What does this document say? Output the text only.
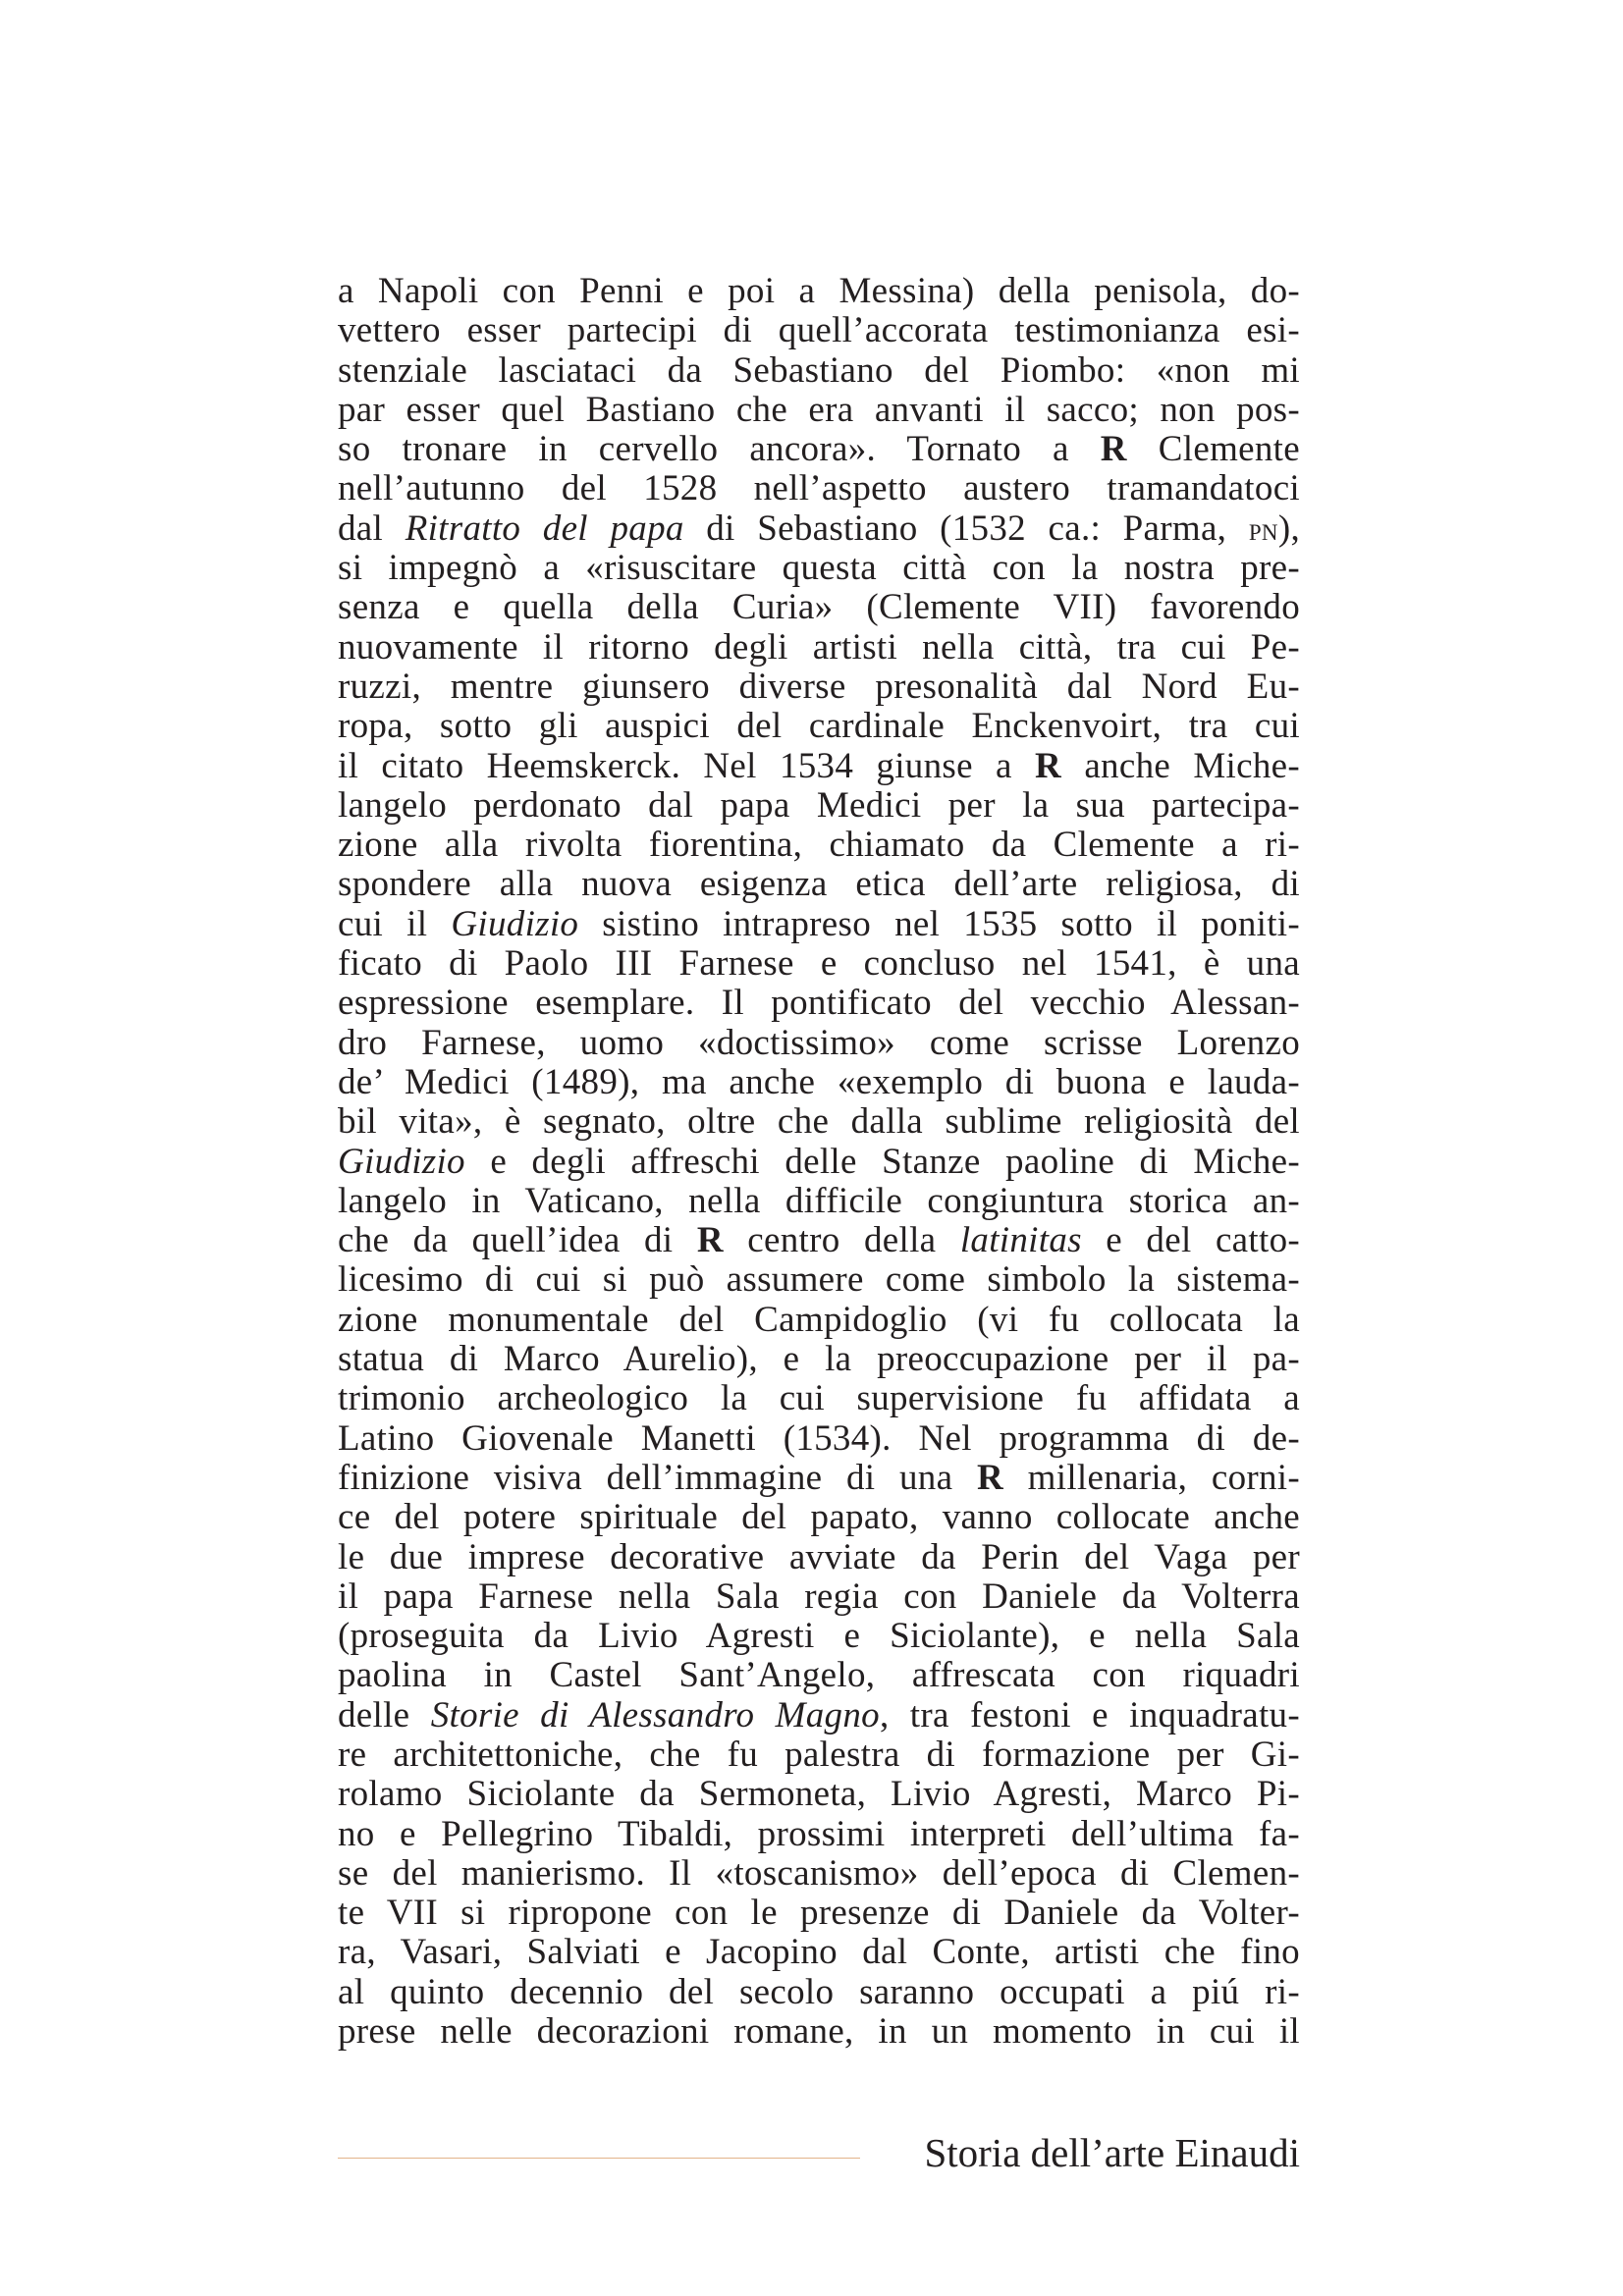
a Napoli con Penni e poi a Messina) della penisola, do-
vettero esser partecipi di quell’accorata testimonianza esi-
stenziale lasciataci da Sebastiano del Piombo: «non mi
par esser quel Bastiano che era anvanti il sacco; non pos-
so tronare in cervello ancora». Tornato a R Clemente
nell’autunno del 1528 nell’aspetto austero tramandatoci
dal Ritratto del papa di Sebastiano (1532 ca.: Parma, pn),
si impegnò a «risuscitare questa città con la nostra pre-
senza e quella della Curia» (Clemente VII) favorendo
nuovamente il ritorno degli artisti nella città, tra cui Pe-
ruzzi, mentre giunsero diverse presonalità dal Nord Eu-
ropa, sotto gli auspici del cardinale Enckenvoirt, tra cui
il citato Heemskerck. Nel 1534 giunse a R anche Miche-
langelo perdonato dal papa Medici per la sua partecipa-
zione alla rivolta fiorentina, chiamato da Clemente a ri-
spondere alla nuova esigenza etica dell’arte religiosa, di
cui il Giudizio sistino intrapreso nel 1535 sotto il poniti-
ficato di Paolo III Farnese e concluso nel 1541, è una
espressione esemplare. Il pontificato del vecchio Alessan-
dro Farnese, uomo «doctissimo» come scrisse Lorenzo
de’ Medici (1489), ma anche «exemplo di buona e lauda-
bil vita», è segnato, oltre che dalla sublime religiosità del
Giudizio e degli affreschi delle Stanze paoline di Miche-
langelo in Vaticano, nella difficile congiuntura storica an-
che da quell’idea di R centro della latinitas e del catto-
licesimo di cui si può assumere come simbolo la sistema-
zione monumentale del Campidoglio (vi fu collocata la
statua di Marco Aurelio), e la preoccupazione per il pa-
trimonio archeologico la cui supervisione fu affidata a
Latino Giovenale Manetti (1534). Nel programma di de-
finizione visiva dell’immagine di una R millenaria, corni-
ce del potere spirituale del papato, vanno collocate anche
le due imprese decorative avviate da Perin del Vaga per
il papa Farnese nella Sala regia con Daniele da Volterra
(proseguita da Livio Agresti e Siciolante), e nella Sala
paolina in Castel Sant’Angelo, affrescata con riquadri
delle Storie di Alessandro Magno, tra festoni e inquadratu-
re architettoniche, che fu palestra di formazione per Gi-
rolamo Siciolante da Sermoneta, Livio Agresti, Marco Pi-
no e Pellegrino Tibaldi, prossimi interpreti dell’ultima fa-
se del manierismo. Il «toscanismo» dell’epoca di Clemen-
te VII si ripropone con le presenze di Daniele da Volter-
ra, Vasari, Salviati e Jacopino dal Conte, artisti che fino
al quinto decennio del secolo saranno occupati a piú ri-
prese nelle decorazioni romane, in un momento in cui il
Storia dell’arte Einaudi
